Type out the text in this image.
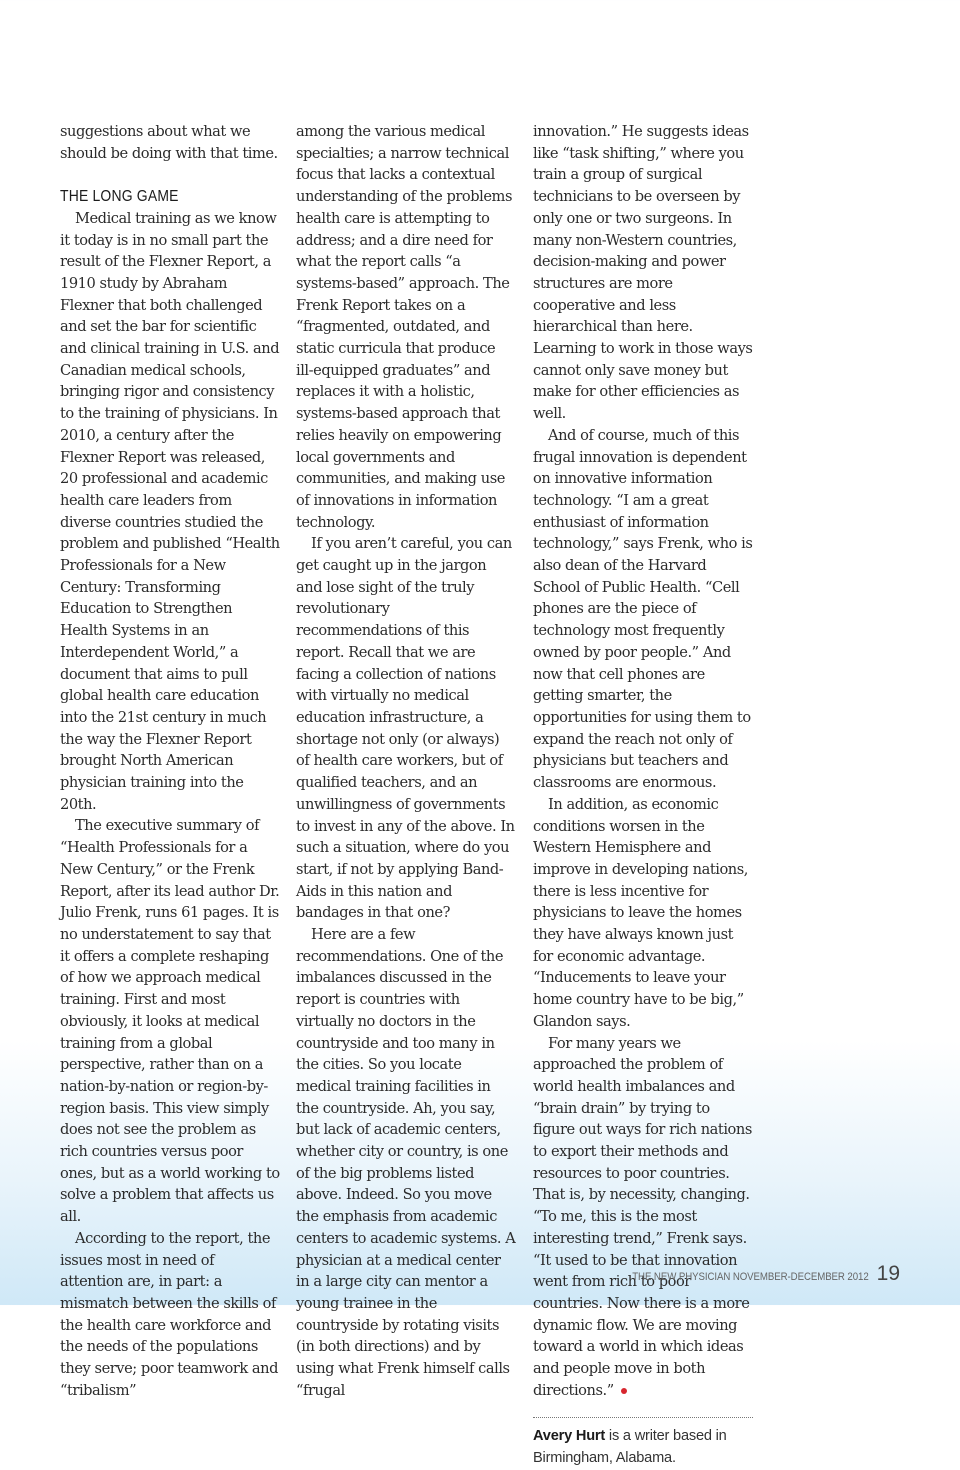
suggestions about what we should be doing with that time.

THE LONG GAME

Medical training as we know it today is in no small part the result of the Flexner Report, a 1910 study by Abraham Flexner that both challenged and set the bar for scientific and clinical training in U.S. and Canadian medical schools, bringing rigor and consistency to the training of physicians. In 2010, a century after the Flexner Report was released, 20 professional and academic health care leaders from diverse countries studied the problem and published “Health Professionals for a New Century: Transforming Education to Strengthen Health Systems in an Interdependent World,” a document that aims to pull global health care education into the 21st century in much the way the Flexner Report brought North American physician training into the 20th.

The executive summary of “Health Professionals for a New Century,” or the Frenk Report, after its lead author Dr. Julio Frenk, runs 61 pages. It is no understatement to say that it offers a complete reshaping of how we approach medical training. First and most obviously, it looks at medical training from a global perspective, rather than on a nation-by-nation or region-by-region basis. This view simply does not see the problem as rich countries versus poor ones, but as a world working to solve a problem that affects us all.

According to the report, the issues most in need of attention are, in part: a mismatch between the skills of the health care workforce and the needs of the populations they serve; poor teamwork and “tribalism”

among the various medical specialties; a narrow technical focus that lacks a contextual understanding of the problems health care is attempting to address; and a dire need for what the report calls “a systems-based” approach. The Frenk Report takes on a “fragmented, outdated, and static curricula that produce ill-equipped graduates” and replaces it with a holistic, systems-based approach that relies heavily on empowering local governments and communities, and making use of innovations in information technology.

If you aren’t careful, you can get caught up in the jargon and lose sight of the truly revolutionary recommendations of this report. Recall that we are facing a collection of nations with virtually no medical education infrastructure, a shortage not only (or always) of health care workers, but of qualified teachers, and an unwillingness of governments to invest in any of the above. In such a situation, where do you start, if not by applying Band-Aids in this nation and bandages in that one?

Here are a few recommendations. One of the imbalances discussed in the report is countries with virtually no doctors in the countryside and too many in the cities. So you locate medical training facilities in the countryside. Ah, you say, but lack of academic centers, whether city or country, is one of the big problems listed above. Indeed. So you move the emphasis from academic centers to academic systems. A physician at a medical center in a large city can mentor a young trainee in the countryside by rotating visits (in both directions) and by using what Frenk himself calls “frugal

innovation.” He suggests ideas like “task shifting,” where you train a group of surgical technicians to be overseen by only one or two surgeons. In many non-Western countries, decision-making and power structures are more cooperative and less hierarchical than here. Learning to work in those ways cannot only save money but make for other efficiencies as well.

And of course, much of this frugal innovation is dependent on innovative information technology. “I am a great enthusiast of information technology,” says Frenk, who is also dean of the Harvard School of Public Health. “Cell phones are the piece of technology most frequently owned by poor people.” And now that cell phones are getting smarter, the opportunities for using them to expand the reach not only of physicians but teachers and classrooms are enormous.

In addition, as economic conditions worsen in the Western Hemisphere and improve in developing nations, there is less incentive for physicians to leave the homes they have always known just for economic advantage. “Inducements to leave your home country have to be big,” Glandon says.

For many years we approached the problem of world health imbalances and “brain drain” by trying to figure out ways for rich nations to export their methods and resources to poor countries. That is, by necessity, changing. “To me, this is the most interesting trend,” Frenk says. “It used to be that innovation went from rich to poor countries. Now there is a more dynamic flow. We are moving toward a world in which ideas and people move in both directions.”

Avery Hurt is a writer based in Birmingham, Alabama.
THE NEW PHYSICIAN NOVEMBER-DECEMBER 2012 19
